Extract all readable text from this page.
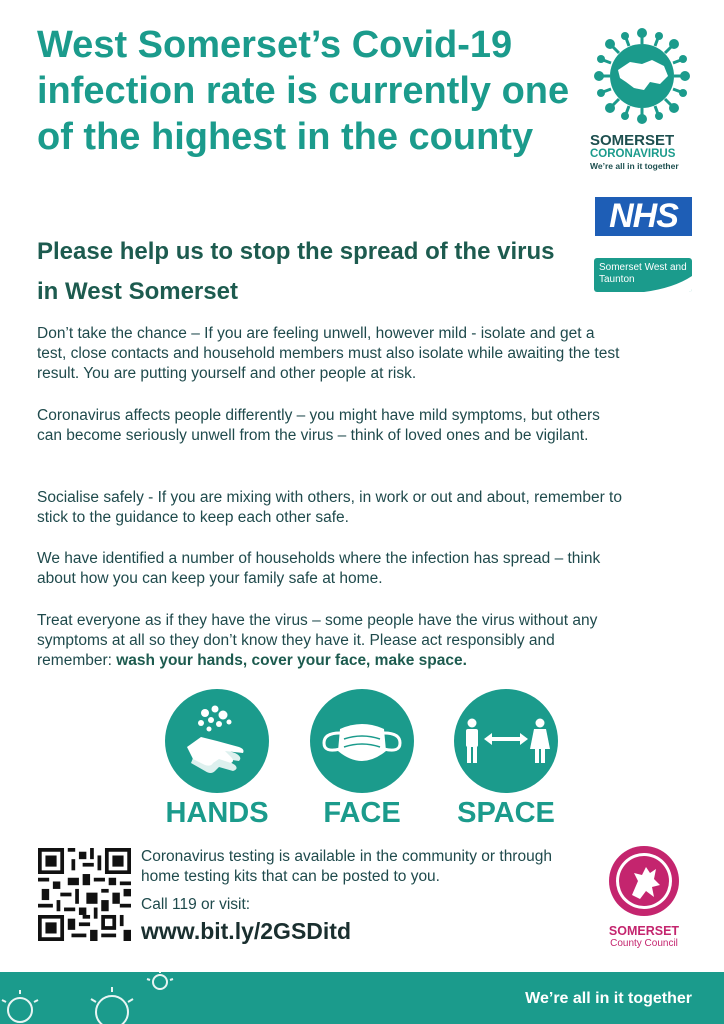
West Somerset’s Covid-19 infection rate is currently one of the highest in the county
Please help us to stop the spread of the virus in West Somerset

Don’t take the chance – If you are feeling unwell, however mild - isolate and get a test, close contacts and household members must also isolate while awaiting the test result. You are putting yourself and other people at risk.

Coronavirus affects people differently – you might have mild symptoms, but others can become seriously unwell from the virus – think of loved ones and be vigilant.

Socialise safely - If you are mixing with others, in work or out and about, remember to stick to the guidance to keep each other safe.

We have identified a number of households where the infection has spread – think about how you can keep your family safe at home.

Treat everyone as if they have the virus – some people have the virus without any symptoms at all so they don’t know they have it. Please act responsibly and remember: wash your hands, cover your face, make space.

HANDS	FACE	SPACE

Coronavirus testing is available in the community or through home testing kits that can be posted to you.

Call 119 or visit:
www.bit.ly/2GSDitd
SOMERSET
CORONAVIRUS
We’re all in it together
NHS
Somerset West and Taunton
SOMERSET
County Council
We’re all in it together
